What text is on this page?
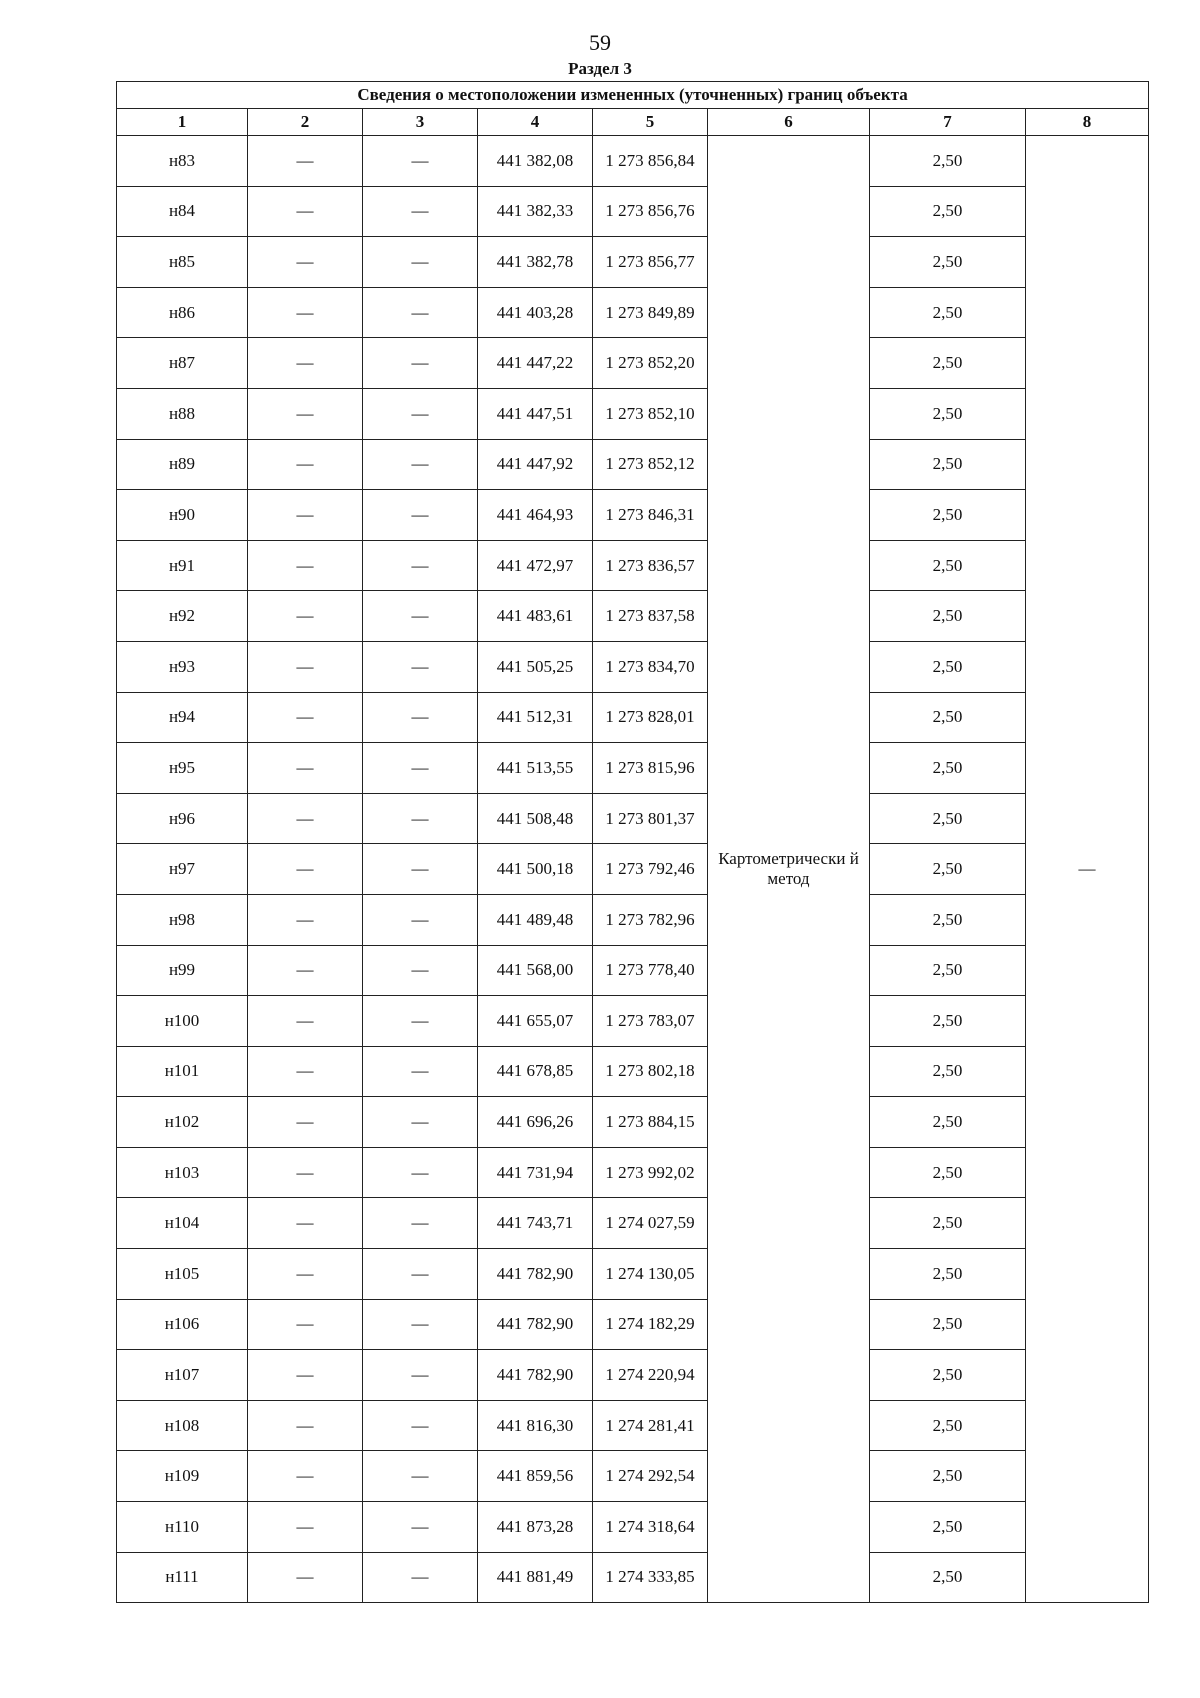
59
Раздел 3
Сведения о местоположении измененных (уточненных) границ объекта							
1	2	3	4	5	6	7	8
н83	—	—	441 382,08	1 273 856,84	Картометрически й метод	2,50	—
н84	—	—	441 382,33	1 273 856,76		2,50	
н85	—	—	441 382,78	1 273 856,77		2,50	
н86	—	—	441 403,28	1 273 849,89		2,50	
н87	—	—	441 447,22	1 273 852,20		2,50	
н88	—	—	441 447,51	1 273 852,10		2,50	
н89	—	—	441 447,92	1 273 852,12		2,50	
н90	—	—	441 464,93	1 273 846,31		2,50	
н91	—	—	441 472,97	1 273 836,57		2,50	
н92	—	—	441 483,61	1 273 837,58		2,50	
н93	—	—	441 505,25	1 273 834,70		2,50	
н94	—	—	441 512,31	1 273 828,01		2,50	
н95	—	—	441 513,55	1 273 815,96		2,50	
н96	—	—	441 508,48	1 273 801,37		2,50	
н97	—	—	441 500,18	1 273 792,46		2,50	
н98	—	—	441 489,48	1 273 782,96		2,50	
н99	—	—	441 568,00	1 273 778,40		2,50	
н100	—	—	441 655,07	1 273 783,07		2,50	
н101	—	—	441 678,85	1 273 802,18		2,50	
н102	—	—	441 696,26	1 273 884,15		2,50	
н103	—	—	441 731,94	1 273 992,02		2,50	
н104	—	—	441 743,71	1 274 027,59		2,50	
н105	—	—	441 782,90	1 274 130,05		2,50	
н106	—	—	441 782,90	1 274 182,29		2,50	
н107	—	—	441 782,90	1 274 220,94		2,50	
н108	—	—	441 816,30	1 274 281,41		2,50	
н109	—	—	441 859,56	1 274 292,54		2,50	
н110	—	—	441 873,28	1 274 318,64		2,50	
н111	—	—	441 881,49	1 274 333,85		2,50	
